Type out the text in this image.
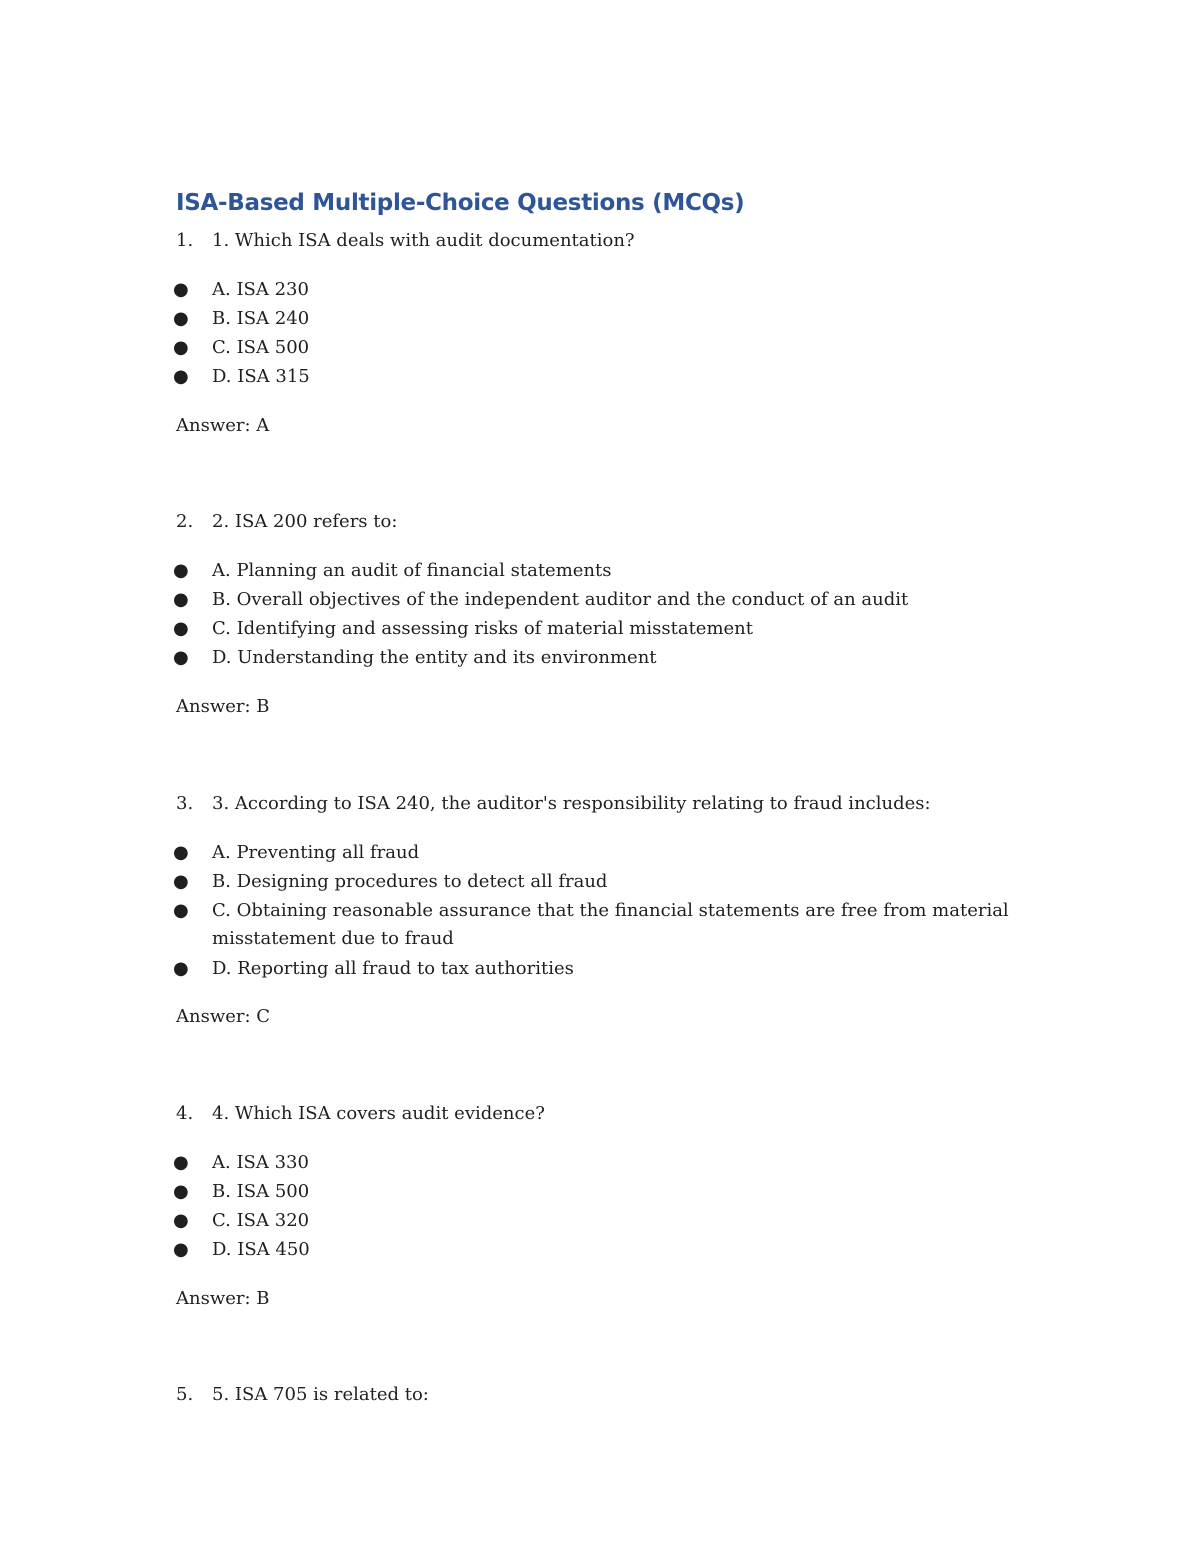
ISA-Based Multiple-Choice Questions (MCQs)
1. 1. Which ISA deals with audit documentation?
● A. ISA 230
● B. ISA 240
● C. ISA 500
● D. ISA 315
Answer: A
2. 2. ISA 200 refers to:
● A. Planning an audit of financial statements
● B. Overall objectives of the independent auditor and the conduct of an audit
● C. Identifying and assessing risks of material misstatement
● D. Understanding the entity and its environment
Answer: B
3. 3. According to ISA 240, the auditor's responsibility relating to fraud includes:
● A. Preventing all fraud
● B. Designing procedures to detect all fraud
● C. Obtaining reasonable assurance that the financial statements are free from material misstatement due to fraud
● D. Reporting all fraud to tax authorities
Answer: C
4. 4. Which ISA covers audit evidence?
● A. ISA 330
● B. ISA 500
● C. ISA 320
● D. ISA 450
Answer: B
5. 5. ISA 705 is related to:
